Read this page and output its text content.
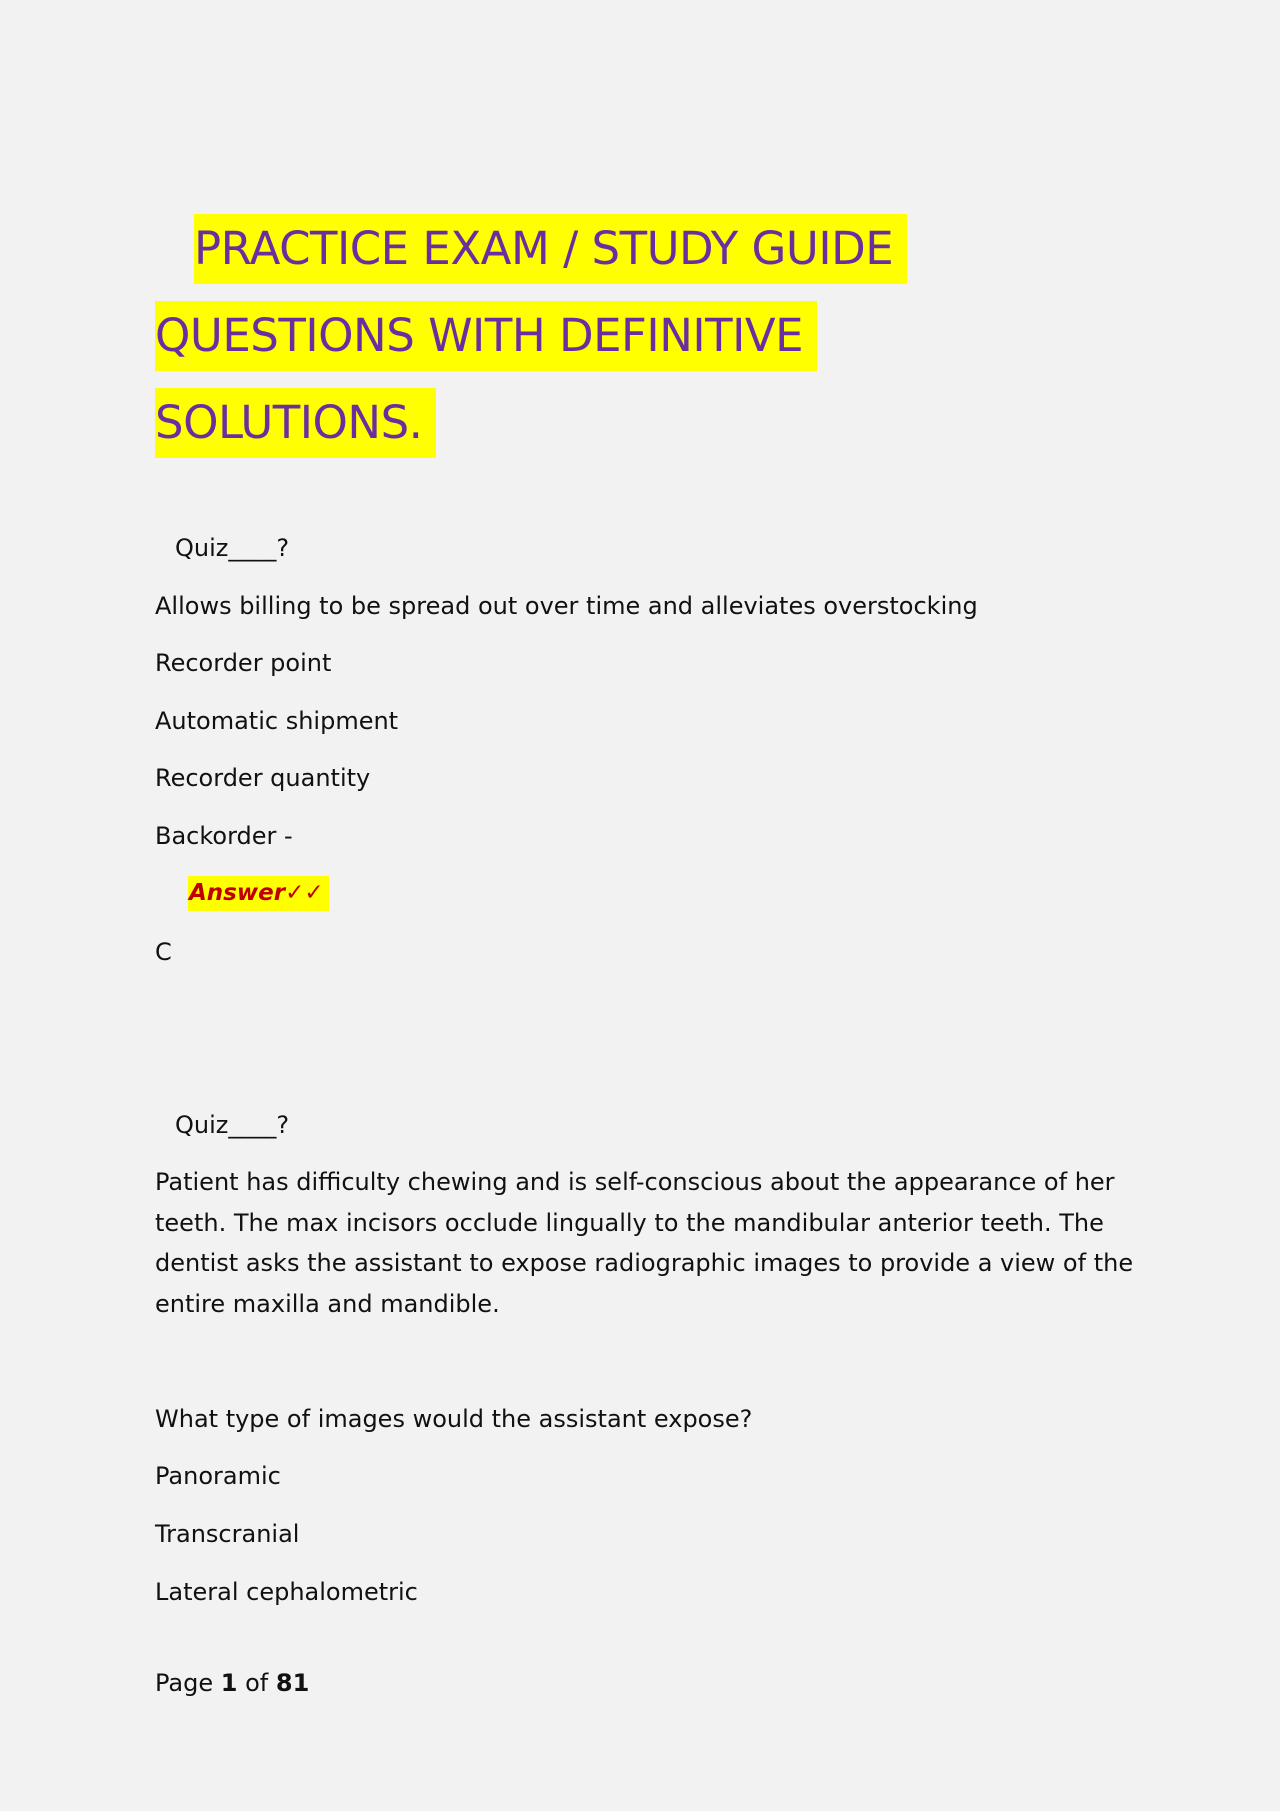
PRACTICE EXAM / STUDY GUIDE
QUESTIONS WITH DEFINITIVE
SOLUTIONS.
Quiz____?
Allows billing to be spread out over time and alleviates overstocking
Recorder point
Automatic shipment
Recorder quantity
Backorder -
Answer✓✓
C
Quiz____?
Patient has difficulty chewing and is self-conscious about the appearance of her teeth. The max incisors occlude lingually to the mandibular anterior teeth. The dentist asks the assistant to expose radiographic images to provide a view of the entire maxilla and mandible.
What type of images would the assistant expose?
Panoramic
Transcranial
Lateral cephalometric
Page 1 of 81
